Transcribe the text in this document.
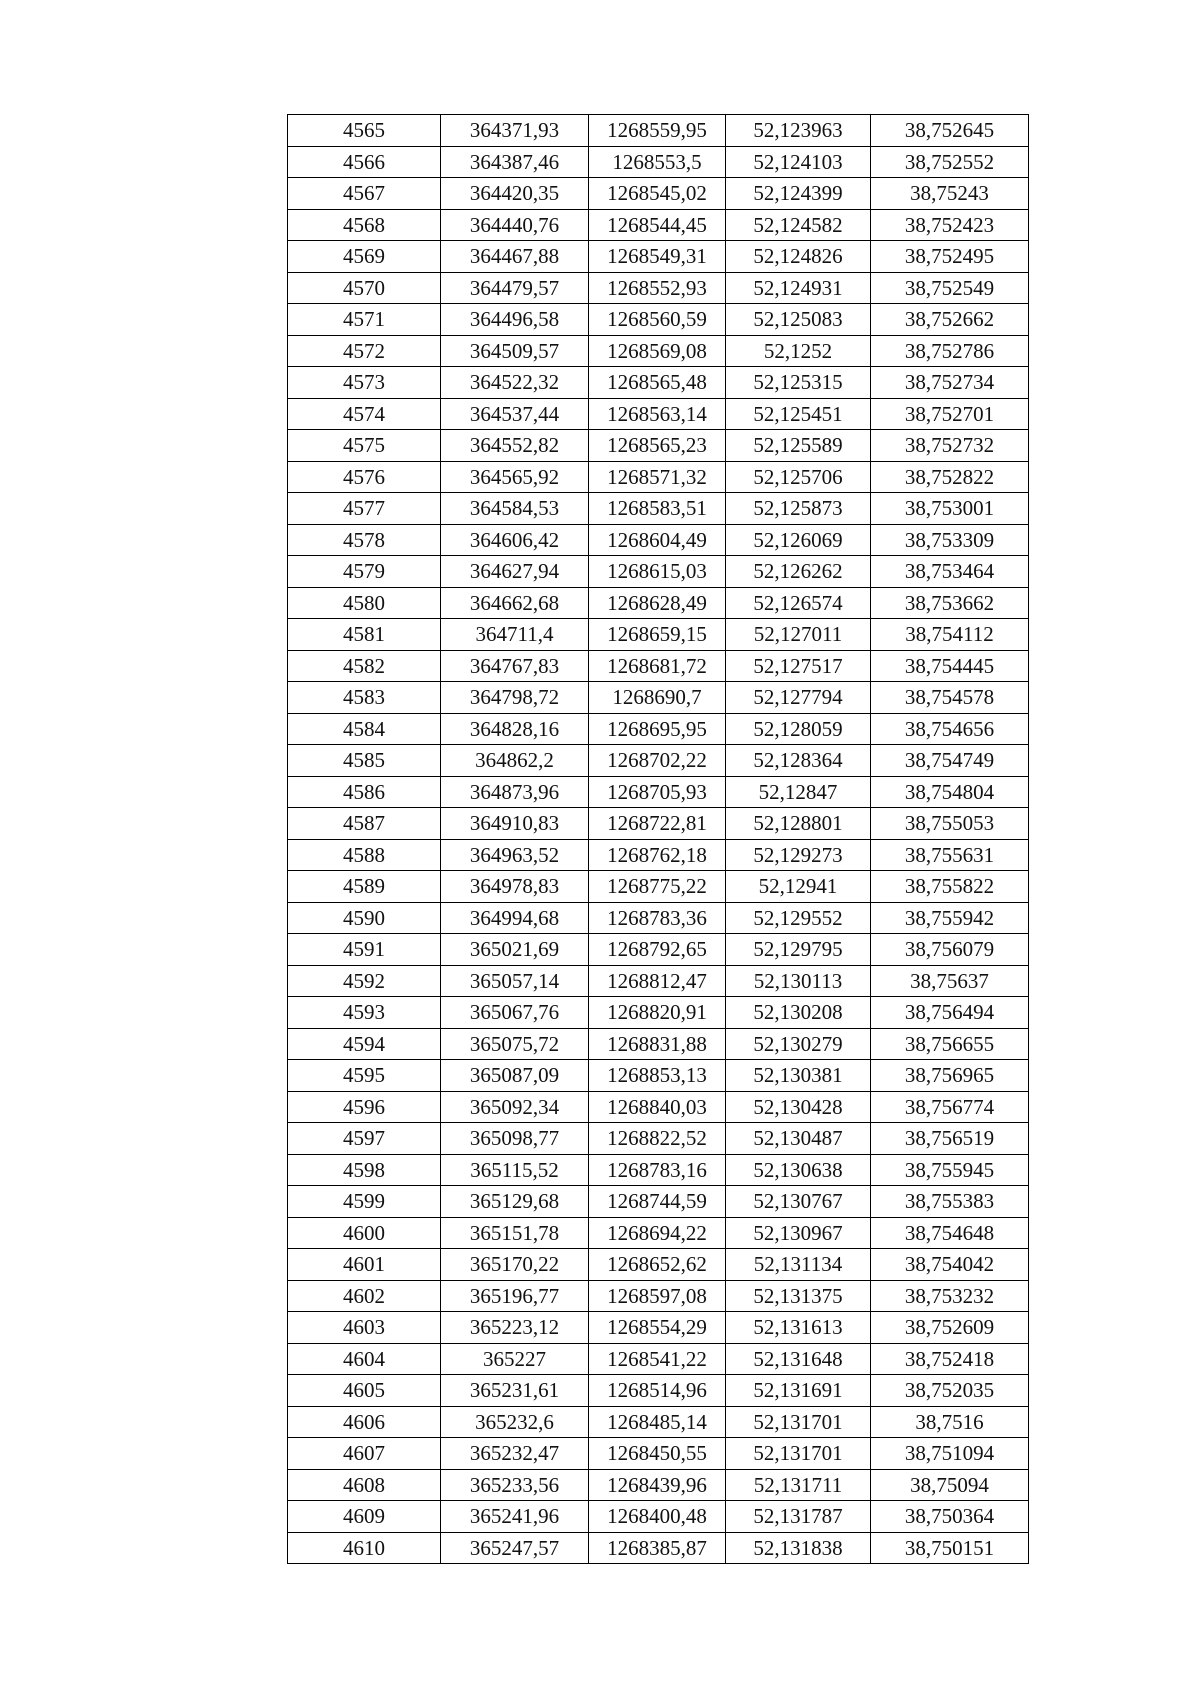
4565	364371,93	1268559,95	52,123963	38,752645
4566	364387,46	1268553,5	52,124103	38,752552
4567	364420,35	1268545,02	52,124399	38,75243
4568	364440,76	1268544,45	52,124582	38,752423
4569	364467,88	1268549,31	52,124826	38,752495
4570	364479,57	1268552,93	52,124931	38,752549
4571	364496,58	1268560,59	52,125083	38,752662
4572	364509,57	1268569,08	52,1252	38,752786
4573	364522,32	1268565,48	52,125315	38,752734
4574	364537,44	1268563,14	52,125451	38,752701
4575	364552,82	1268565,23	52,125589	38,752732
4576	364565,92	1268571,32	52,125706	38,752822
4577	364584,53	1268583,51	52,125873	38,753001
4578	364606,42	1268604,49	52,126069	38,753309
4579	364627,94	1268615,03	52,126262	38,753464
4580	364662,68	1268628,49	52,126574	38,753662
4581	364711,4	1268659,15	52,127011	38,754112
4582	364767,83	1268681,72	52,127517	38,754445
4583	364798,72	1268690,7	52,127794	38,754578
4584	364828,16	1268695,95	52,128059	38,754656
4585	364862,2	1268702,22	52,128364	38,754749
4586	364873,96	1268705,93	52,12847	38,754804
4587	364910,83	1268722,81	52,128801	38,755053
4588	364963,52	1268762,18	52,129273	38,755631
4589	364978,83	1268775,22	52,12941	38,755822
4590	364994,68	1268783,36	52,129552	38,755942
4591	365021,69	1268792,65	52,129795	38,756079
4592	365057,14	1268812,47	52,130113	38,75637
4593	365067,76	1268820,91	52,130208	38,756494
4594	365075,72	1268831,88	52,130279	38,756655
4595	365087,09	1268853,13	52,130381	38,756965
4596	365092,34	1268840,03	52,130428	38,756774
4597	365098,77	1268822,52	52,130487	38,756519
4598	365115,52	1268783,16	52,130638	38,755945
4599	365129,68	1268744,59	52,130767	38,755383
4600	365151,78	1268694,22	52,130967	38,754648
4601	365170,22	1268652,62	52,131134	38,754042
4602	365196,77	1268597,08	52,131375	38,753232
4603	365223,12	1268554,29	52,131613	38,752609
4604	365227	1268541,22	52,131648	38,752418
4605	365231,61	1268514,96	52,131691	38,752035
4606	365232,6	1268485,14	52,131701	38,7516
4607	365232,47	1268450,55	52,131701	38,751094
4608	365233,56	1268439,96	52,131711	38,75094
4609	365241,96	1268400,48	52,131787	38,750364
4610	365247,57	1268385,87	52,131838	38,750151
